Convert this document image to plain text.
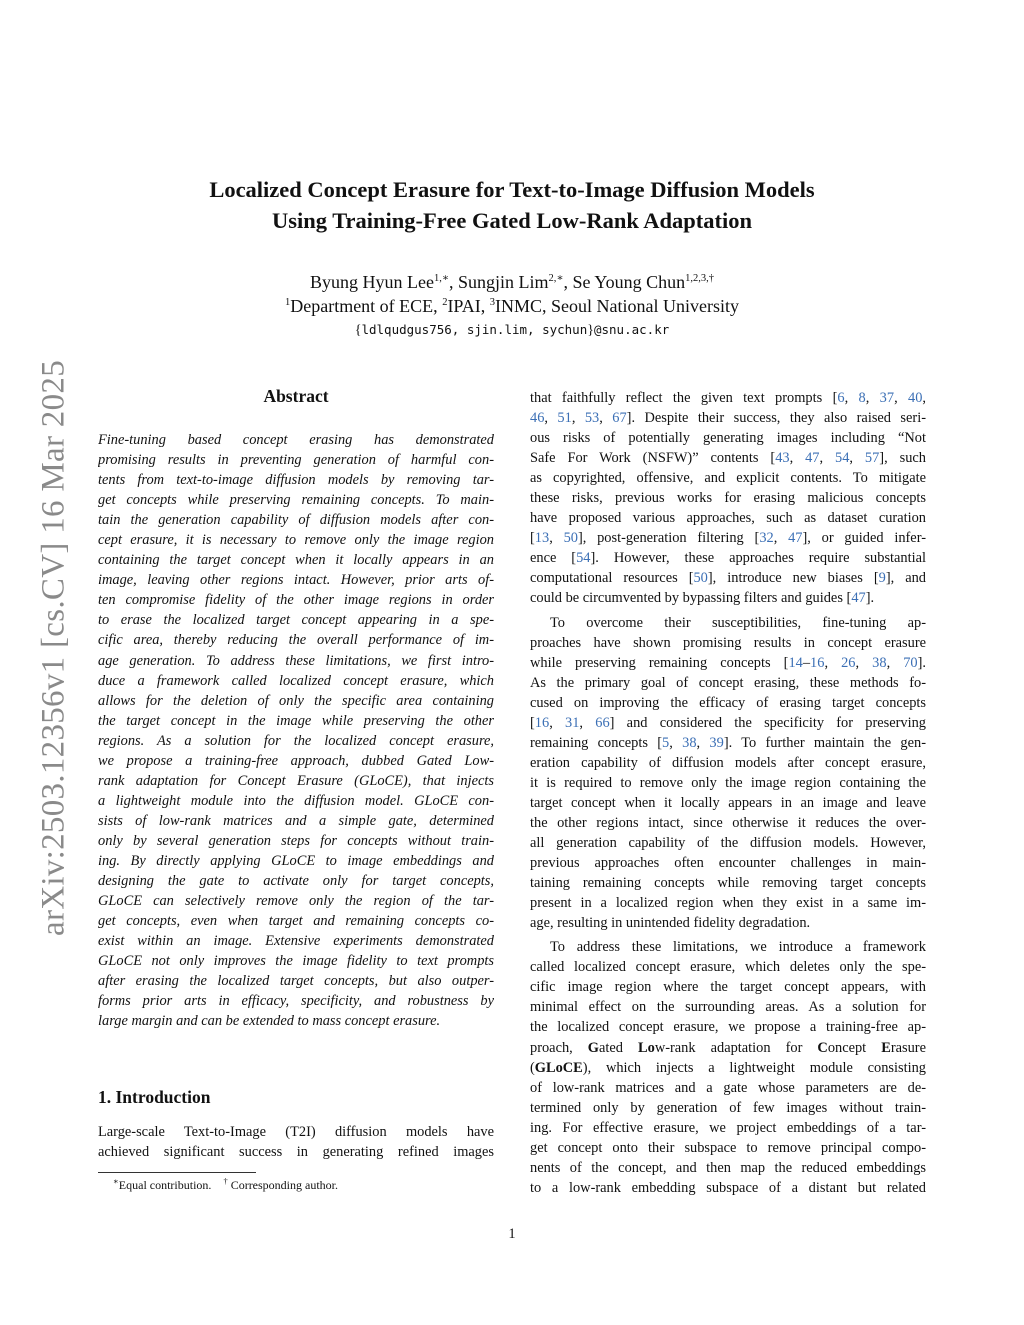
arXiv:2503.12356v1 [cs.CV] 16 Mar 2025
Localized Concept Erasure for Text-to-Image Diffusion Models
Using Training-Free Gated Low-Rank Adaptation
Byung Hyun Lee$^{1,∗}$, Sungjin Lim$^{2,∗}$, Se Young Chun$^{1,2,3,\dagger}$
$^1$Department of ECE, $^2$IPAI, $^3$INMC, Seoul National University
{ldlqudgus756, sjin.lim, sychun}@snu.ac.kr
Abstract
Fine-tuning based concept erasing has demonstrated
promising results in preventing generation of harmful con-
tents from text-to-image diffusion models by removing tar-
get concepts while preserving remaining concepts. To main-
tain the generation capability of diffusion models after con-
cept erasure, it is necessary to remove only the image region
containing the target concept when it locally appears in an
image, leaving other regions intact. However, prior arts of-
ten compromise fidelity of the other image regions in order
to erase the localized target concept appearing in a spe-
cific area, thereby reducing the overall performance of im-
age generation. To address these limitations, we first intro-
duce a framework called localized concept erasure, which
allows for the deletion of only the specific area containing
the target concept in the image while preserving the other
regions. As a solution for the localized concept erasure,
we propose a training-free approach, dubbed Gated Low-
rank adaptation for Concept Erasure (GLoCE), that injects
a lightweight module into the diffusion model. GLoCE con-
sists of low-rank matrices and a simple gate, determined
only by several generation steps for concepts without train-
ing. By directly applying GLoCE to image embeddings and
designing the gate to activate only for target concepts,
GLoCE can selectively remove only the region of the tar-
get concepts, even when target and remaining concepts co-
exist within an image. Extensive experiments demonstrated
GLoCE not only improves the image fidelity to text prompts
after erasing the localized target concepts, but also outper-
forms prior arts in efficacy, specificity, and robustness by
large margin and can be extended to mass concept erasure.
1. Introduction
Large-scale Text-to-Image (T2I) diffusion models have
achieved significant success in generating refined images
∗Equal contribution. † Corresponding author.
that faithfully reflect the given text prompts [6, 8, 37, 40,
46, 51, 53, 67]. Despite their success, they also raised seri-
ous risks of potentially generating images including “Not
Safe For Work (NSFW)” contents [43, 47, 54, 57], such
as copyrighted, offensive, and explicit contents. To mitigate
these risks, previous works for erasing malicious concepts
have proposed various approaches, such as dataset curation
[13, 50], post-generation filtering [32, 47], or guided infer-
ence [54]. However, these approaches require substantial
computational resources [50], introduce new biases [9], and
could be circumvented by bypassing filters and guides [47].
To overcome their susceptibilities, fine-tuning ap-
proaches have shown promising results in concept erasure
while preserving remaining concepts [14–16, 26, 38, 70].
As the primary goal of concept erasing, these methods fo-
cused on improving the efficacy of erasing target concepts
[16, 31, 66] and considered the specificity for preserving
remaining concepts [5, 38, 39]. To further maintain the gen-
eration capability of diffusion models after concept erasure,
it is required to remove only the image region containing the
target concept when it locally appears in an image and leave
the other regions intact, since otherwise it reduces the over-
all generation capability of the diffusion models. However,
previous approaches often encounter challenges in main-
taining remaining concepts while removing target concepts
present in a localized region when they exist in a same im-
age, resulting in unintended fidelity degradation.
To address these limitations, we introduce a framework
called localized concept erasure, which deletes only the spe-
cific image region where the target concept appears, with
minimal effect on the surrounding areas. As a solution for
the localized concept erasure, we propose a training-free ap-
proach, Gated Low-rank adaptation for Concept Erasure
(GLoCE), which injects a lightweight module consisting
of low-rank matrices and a gate whose parameters are de-
termined only by generation of few images without train-
ing. For effective erasure, we project embeddings of a tar-
get concept onto their subspace to remove principal compo-
nents of the concept, and then map the reduced embeddings
to a low-rank embedding subspace of a distant but related
1
